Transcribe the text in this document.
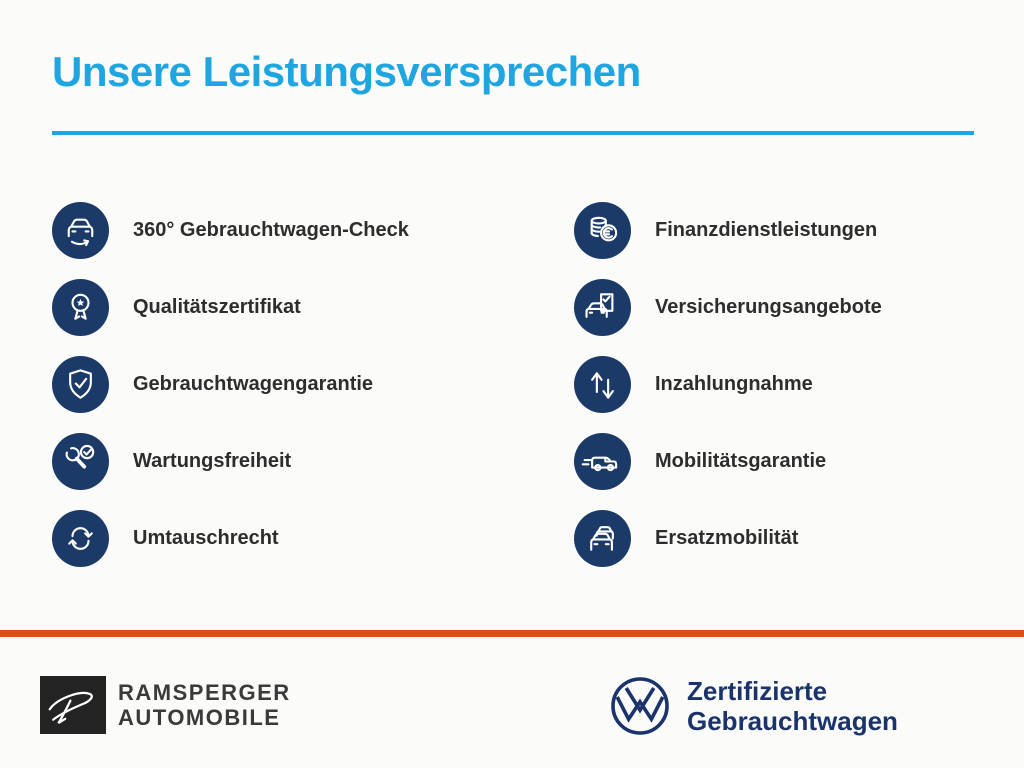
Unsere Leistungsversprechen
360° Gebrauchtwagen-Check
Qualitätszertifikat
Gebrauchtwagengarantie
Wartungsfreiheit
Umtauschrecht
Finanzdienstleistungen
Versicherungsangebote
Inzahlungnahme
Mobilitätsgarantie
Ersatzmobilität
RAMSPERGER
AUTOMOBILE
Zertifizierte
Gebrauchtwagen
